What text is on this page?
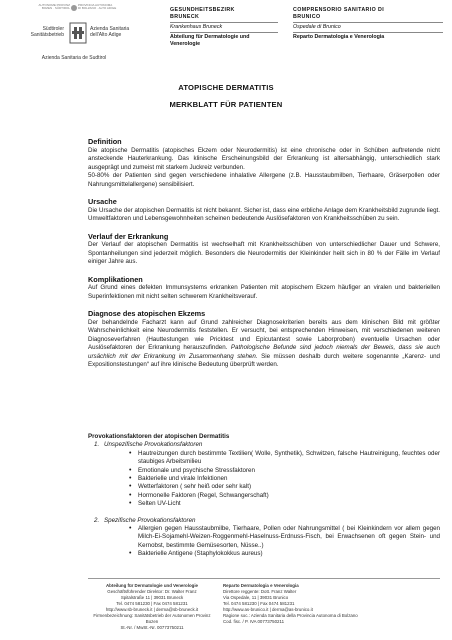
AUTONOME PROVINZ
BOZEN · SÜDTIROL
PROVINCIA AUTONOMA
DI BOLZANO · ALTO ADIGE
Südtiroler
Sanitätsbetrieb
Azienda Sanitaria
dell'Alto Adige
Azienda Sanitaria de Sudtirol
GESUNDHEITSBEZIRK
BRUNECK
Krankenhaus Bruneck
Abteilung für Dermatologie und
Venerologie
COMPRENSORIO SANITARIO DI
BRUNICO
Ospedale di Brunico
Reparto Dermatologia e Venerologia
ATOPISCHE DERMATITIS
MERKBLATT FÜR PATIENTEN
Definition
Die atopische Dermatitis (atopisches Ekzem oder Neurodermitis) ist eine chronische oder in Schüben auftretende nicht ansteckende Hauterkrankung. Das klinische Erscheinungsbild der Erkrankung ist altersabhängig, unterschiedlich stark ausgeprägt und zumeist mit starkem Juckreiz verbunden.
50-80% der Patienten sind gegen verschiedene inhalative Allergene (z.B. Hausstaubmilben, Tierhaare, Gräserpollen oder Nahrungsmittelallergene) sensibilisiert.
Ursache
Die Ursache der atopischen Dermatitis ist nicht bekannt. Sicher ist, dass eine erbliche Anlage dem Krankheitsbild zugrunde liegt. Umweltfaktoren und Lebensgewohnheiten scheinen bedeutende Auslösefaktoren von Krankheitsschüben zu sein.
Verlauf der Erkrankung
Der Verlauf der atopischen Dermatitis ist wechselhaft mit Krankheitsschüben von unterschiedlicher Dauer und Schwere, Spontanheilungen sind jederzeit möglich. Besonders die Neurodermitis der Kleinkinder heilt sich in 80 % der Fälle im Verlauf einiger Jahre aus.
Komplikationen
Auf Grund eines defekten Immunsystems erkranken Patienten mit atopischem Ekzem häufiger an viralen und bakteriellen Superinfektionen mit nicht selten schwerem Krankheitsverauf.
Diagnose des atopischen Ekzems
Der behandelnde Facharzt kann auf Grund zahlreicher Diagnosekriterien bereits aus dem klinischen Bild mit größter Wahrscheinlichkeit eine Neurodermitis feststellen. Er versucht, bei entsprechenden Hinweisen, mit verschiedenen weiteren Diagnoseverfahren (Hauttestungen wie Pricktest und Epicutantest sowie Laborproben) eventuelle Ursachen oder Auslösefaktoren der Erkrankung herauszufinden. Pathologische Befunde sind jedoch niemals der Beweis, dass sie auch ursächlich mit der Erkrankung im Zusammenhang stehen. Sie müssen deshalb durch weitere sogenannte „Karenz- und Expositionstestungen“ auf ihre klinische Bedeutung überprüft werden.
Provokationsfaktoren der atopischen Dermatitis
1. Unspezifische Provokationsfaktoren
• Hautreizungen durch bestimmte Textilien( Wolle, Synthetik), Schwitzen, falsche Hautreinigung, feuchtes oder staubiges Arbeitsmilieu
• Emotionale und psychische Stressfaktoren
• Bakterielle und virale Infektionen
• Wetterfaktoren ( sehr heiß oder sehr kalt)
• Hormonelle Faktoren (Regel, Schwangerschaft)
• Selten UV-Licht
2. Spezifische Provokationsfaktoren
• Allergien gegen Hausstaubmilbe, Tierhaare, Pollen oder Nahrungsmittel ( bei Kleinkindern vor allem gegen Milch-Ei-Sojamehl-Weizen-Roggenmehl-Haselnuss-Erdnuss-Fisch, bei Erwachsenen oft gegen Stein- und Kernobst, bestimmte Gemüsesorten, Nüsse..)
• Bakterielle Antigene (Staphylokokkus aureus)
Abteilung für Dermatologie und Venerologie
Geschäftsführender Direktor: Dr. Walter Franz
Spitalstraße 11 | 39031 Bruneck
Tel. 0474 581230 | Fax 0474 581231
http://www.sb-bruneck.it | derma@sb-bruneck.it
Firmenbezeichnung: Sanitätsbetrieb der Autonomen Provinz Bozen
St.-Nr. / MwSt.-Nr. 00773750211
Reparto Dermatologia e Venerologia
Direttore reggente: Dott. Franz Walter
Via Ospedale, 11 | 39031 Brunico
Tel. 0474 581230 | Fax 0474 581231
http://www.as-brunico.it | derma@as-brunico.it
Ragione soc.: Azienda Sanitaria della Provincia Autonoma di Bolzano
Cod. fisc. / P. IVA 00773750211
